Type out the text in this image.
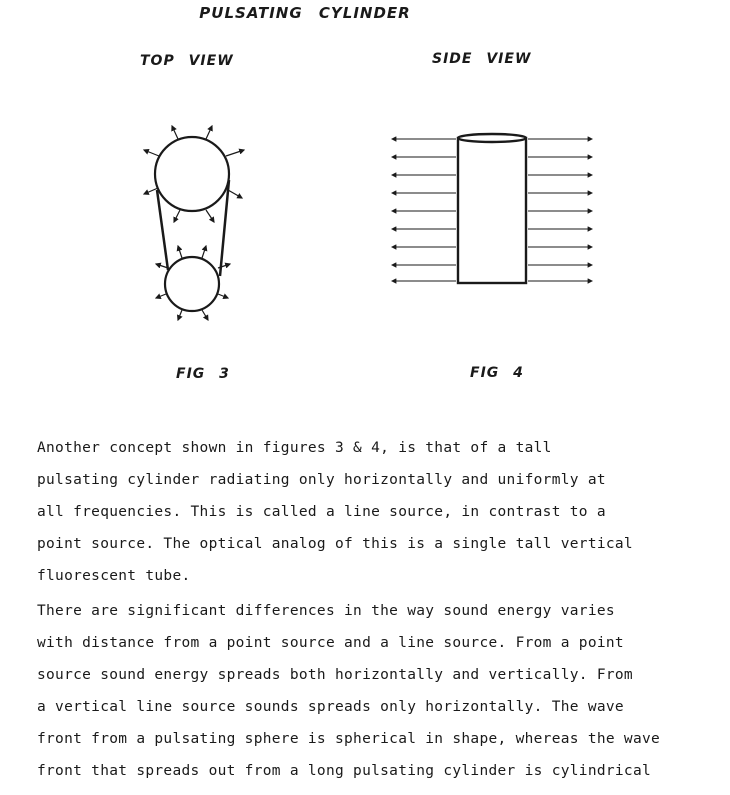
PULSATING CYLINDER
TOP VIEW	SIDE VIEW
FIG 3	FIG 4

Another concept shown in figures 3 & 4, is that of a tall
pulsating cylinder radiating only horizontally and uniformly at
all frequencies. This is called a line source, in contrast to a
point source. The optical analog of this is a single tall vertical
fluorescent tube.

There are significant differences in the way sound energy varies
with distance from a point source and a line source. From a point
source sound energy spreads both horizontally and vertically. From
a vertical line source sounds spreads only horizontally. The wave
front from a pulsating sphere is spherical in shape, whereas the wave
front that spreads out from a long pulsating cylinder is cylindrical
